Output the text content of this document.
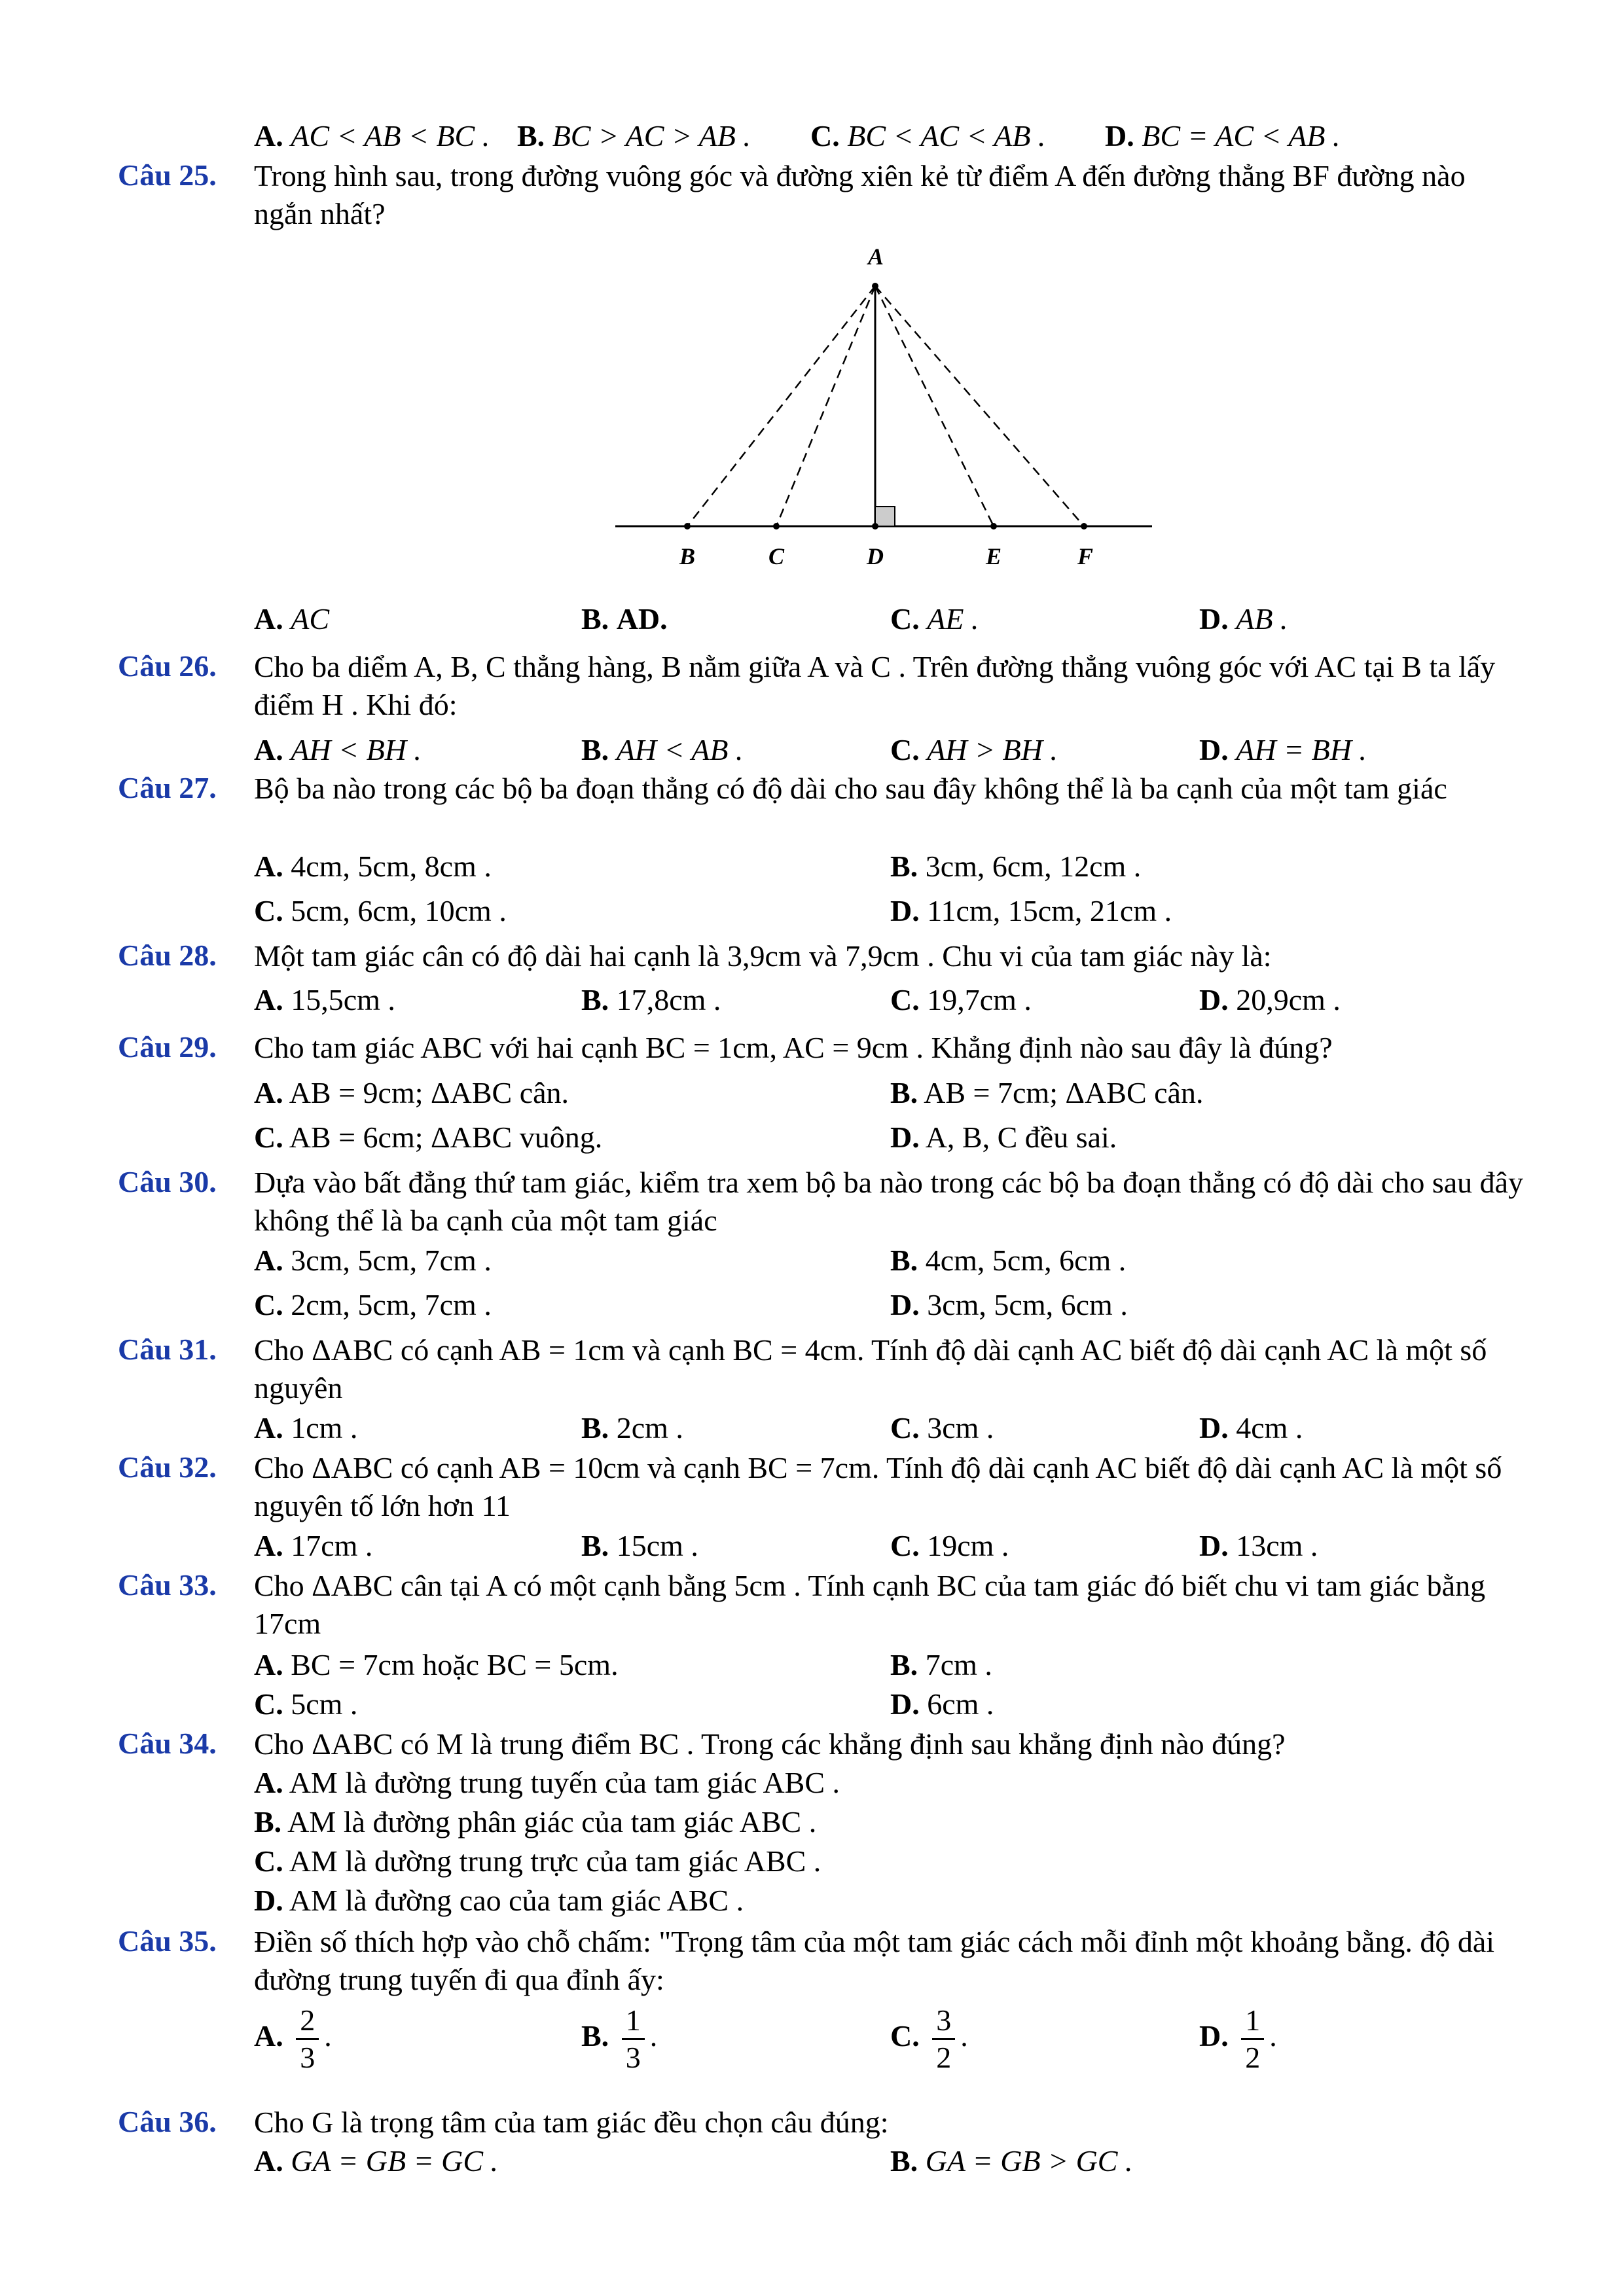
A. AC < AB < BC . B. BC > AC > AB . C. BC < AC < AB . D. BC = AC < AB .
Câu 25. Trong hình sau, trong đường vuông góc và đường xiên kẻ từ điểm A đến đường thẳng BF đường nào ngắn nhất?
A
B	C	D	E	F
A. AC	B. AD.	C. AE .	D. AB .
Câu 26. Cho ba diểm A, B, C thẳng hàng, B nằm giữa A và C . Trên đường thẳng vuông góc với AC tại B ta lấy điểm H . Khi đó:
A. AH < BH .	B. AH < AB .	C. AH > BH .	D. AH = BH .
Câu 27. Bộ ba nào trong các bộ ba đoạn thẳng có độ dài cho sau đây không thể là ba cạnh của một tam giác
A. 4cm, 5cm, 8cm .	B. 3cm, 6cm, 12cm .
C. 5cm, 6cm, 10cm .	D. 11cm, 15cm, 21cm .
Câu 28. Một tam giác cân có độ dài hai cạnh là 3,9cm và 7,9cm . Chu vi của tam giác này là:
A. 15,5cm .	B. 17,8cm .	C. 19,7cm .	D. 20,9cm .
Câu 29. Cho tam giác ABC với hai cạnh BC = 1cm, AC = 9cm . Khẳng định nào sau đây là đúng?
A. AB = 9cm; ΔABC cân.	B. AB = 7cm; ΔABC cân.
C. AB = 6cm; ΔABC vuông.	D. A, B, C đều sai.
Câu 30. Dựa vào bất đẳng thứ tam giác, kiểm tra xem bộ ba nào trong các bộ ba đoạn thẳng có độ dài cho sau đây không thể là ba cạnh của một tam giác
A. 3cm, 5cm, 7cm .	B. 4cm, 5cm, 6cm .
C. 2cm, 5cm, 7cm .	D. 3cm, 5cm, 6cm .
Câu 31. Cho ΔABC có cạnh AB = 1cm và cạnh BC = 4cm. Tính độ dài cạnh AC biết độ dài cạnh AC là một số nguyên
A. 1cm .	B. 2cm .	C. 3cm .	D. 4cm .
Câu 32. Cho ΔABC có cạnh AB = 10cm và cạnh BC = 7cm. Tính độ dài cạnh AC biết độ dài cạnh AC là một số nguyên tố lớn hơn 11
A. 17cm .	B. 15cm .	C. 19cm .	D. 13cm .
Câu 33. Cho ΔABC cân tại A có một cạnh bằng 5cm . Tính cạnh BC của tam giác đó biết chu vi tam giác bằng 17cm
A. BC = 7cm hoặc BC = 5cm.	B. 7cm .
C. 5cm .	D. 6cm .
Câu 34. Cho ΔABC có M là trung điểm BC . Trong các khẳng định sau khẳng định nào đúng?
A. AM là đường trung tuyến của tam giác ABC .
B. AM là đường phân giác của tam giác ABC .
C. AM là dường trung trực của tam giác ABC .
D. AM là đường cao của tam giác ABC .
Câu 35. Điền số thích hợp vào chỗ chấm: "Trọng tâm của một tam giác cách mỗi đỉnh một khoảng bằng. độ dài đường trung tuyến đi qua đỉnh ấy:
A. $\frac{2}{3}$ .	B. $\frac{1}{3}$ .	C. $\frac{3}{2}$ .	D. $\frac{1}{2}$ .
Câu 36. Cho G là trọng tâm của tam giác đều chọn câu đúng:
A. GA = GB = GC .	B. GA = GB > GC .
